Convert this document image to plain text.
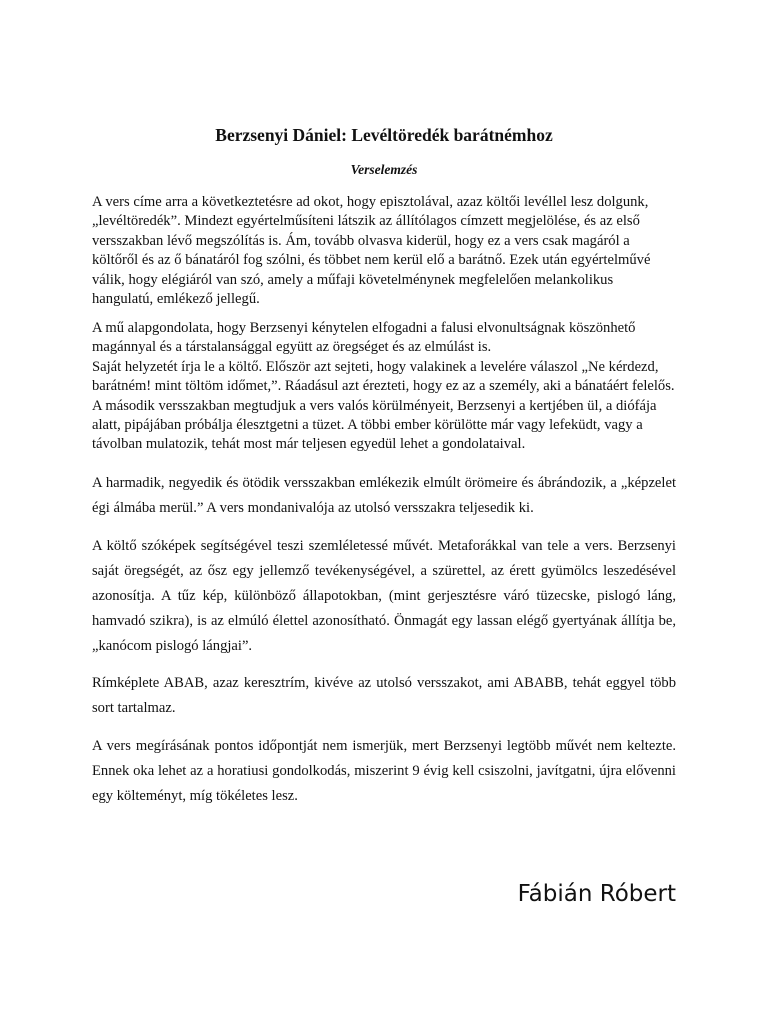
Berzsenyi Dániel: Levéltöredék barátnémhoz
Verselemzés

A vers címe arra a következtetésre ad okot, hogy episztolával, azaz költői levéllel lesz dolgunk, „levéltöredék”. Mindezt egyértelműsíteni látszik az állítólagos címzett megjelölése, és az első versszakban lévő megszólítás is. Ám, tovább olvasva kiderül, hogy ez a vers csak magáról a költőről és az ő bánatáról fog szólni, és többet nem kerül elő a barátnő. Ezek után egyértelművé válik, hogy elégiáról van szó, amely a műfaji követelménynek megfelelően melankolikus hangulatú, emlékező jellegű.

A mű alapgondolata, hogy Berzsenyi kénytelen elfogadni a falusi elvonultságnak köszönhető magánnyal és a társtalansággal együtt az öregséget és az elmúlást is.
Saját helyzetét írja le a költő. Először azt sejteti, hogy valakinek a levelére válaszol „Ne kérdezd, barátném! mint töltöm időmet,”. Ráadásul azt érezteti, hogy ez az a személy, aki a bánatáért felelős.
A második versszakban megtudjuk a vers valós körülményeit, Berzsenyi a kertjében ül, a diófája alatt, pipájában próbálja élesztgetni a tüzet. A többi ember körülötte már vagy lefeküdt, vagy a távolban mulatozik, tehát most már teljesen egyedül lehet a gondolataival.

A harmadik, negyedik és ötödik versszakban emlékezik elmúlt örömeire és ábrándozik, a „képzelet égi álmába merül.” A vers mondanivalója az utolsó versszakra teljesedik ki.

A költő szóképek segítségével teszi szemléletessé művét. Metaforákkal van tele a vers. Berzsenyi saját öregségét, az ősz egy jellemző tevékenységével, a szürettel, az érett gyümölcs leszedésével azonosítja. A tűz kép, különböző állapotokban, (mint gerjesztésre váró tüzecske, pislogó láng, hamvadó szikra), is az elmúló élettel azonosítható. Önmagát egy lassan elégő gyertyának állítja be, „kanócom pislogó lángjai”.

Rímképlete ABAB, azaz keresztrím, kivéve az utolsó versszakot, ami ABABB, tehát eggyel több sort tartalmaz.

A vers megírásának pontos időpontját nem ismerjük, mert Berzsenyi legtöbb művét nem keltezte. Ennek oka lehet az a horatiusi gondolkodás, miszerint 9 évig kell csiszolni, javítgatni, újra elővenni egy költeményt, míg tökéletes lesz.

Fábián Róbert
